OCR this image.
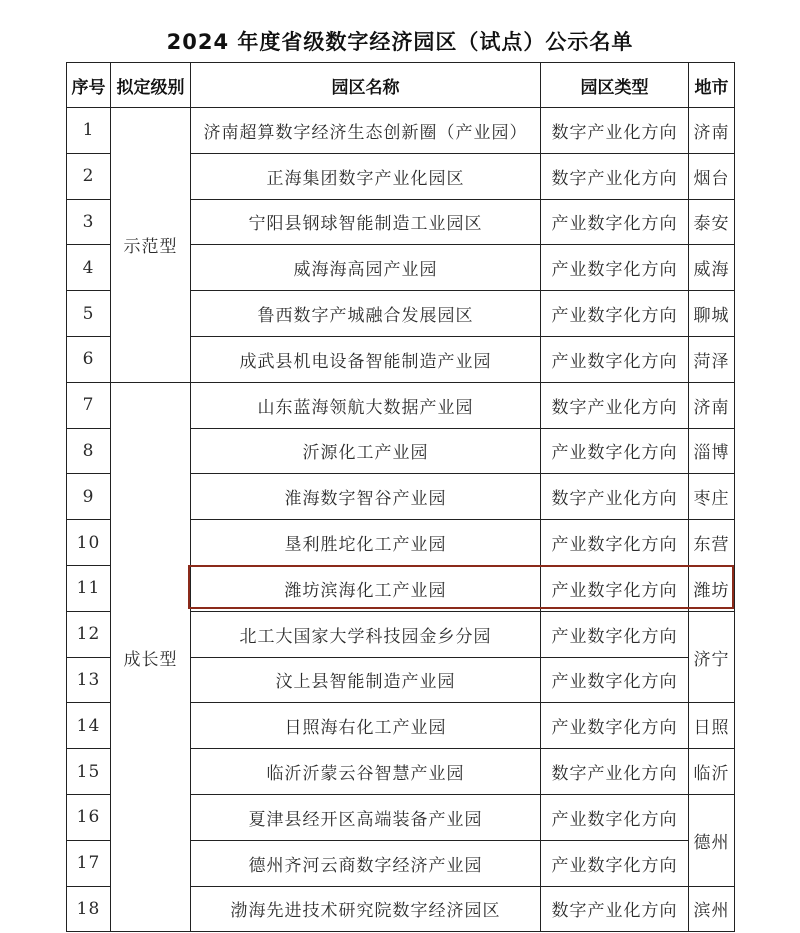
2024 年度省级数字经济园区（试点）公示名单
序号	拟定级别	园区名称	园区类型	地市
1	示范型	济南超算数字经济生态创新圈（产业园）	数字产业化方向	济南
2		正海集团数字产业化园区	数字产业化方向	烟台
3		宁阳县钢球智能制造工业园区	产业数字化方向	泰安
4		威海海高园产业园	产业数字化方向	威海
5		鲁西数字产城融合发展园区	产业数字化方向	聊城
6		成武县机电设备智能制造产业园	产业数字化方向	菏泽
7	成长型	山东蓝海领航大数据产业园	数字产业化方向	济南
8		沂源化工产业园	产业数字化方向	淄博
9		淮海数字智谷产业园	数字产业化方向	枣庄
10		垦利胜坨化工产业园	产业数字化方向	东营
11		潍坊滨海化工产业园	产业数字化方向	潍坊
12		北工大国家大学科技园金乡分园	产业数字化方向	济宁
13		汶上县智能制造产业园	产业数字化方向	
14		日照海右化工产业园	产业数字化方向	日照
15		临沂沂蒙云谷智慧产业园	数字产业化方向	临沂
16		夏津县经开区高端装备产业园	产业数字化方向	德州
17		德州齐河云商数字经济产业园	产业数字化方向	
18		渤海先进技术研究院数字经济园区	数字产业化方向	滨州
